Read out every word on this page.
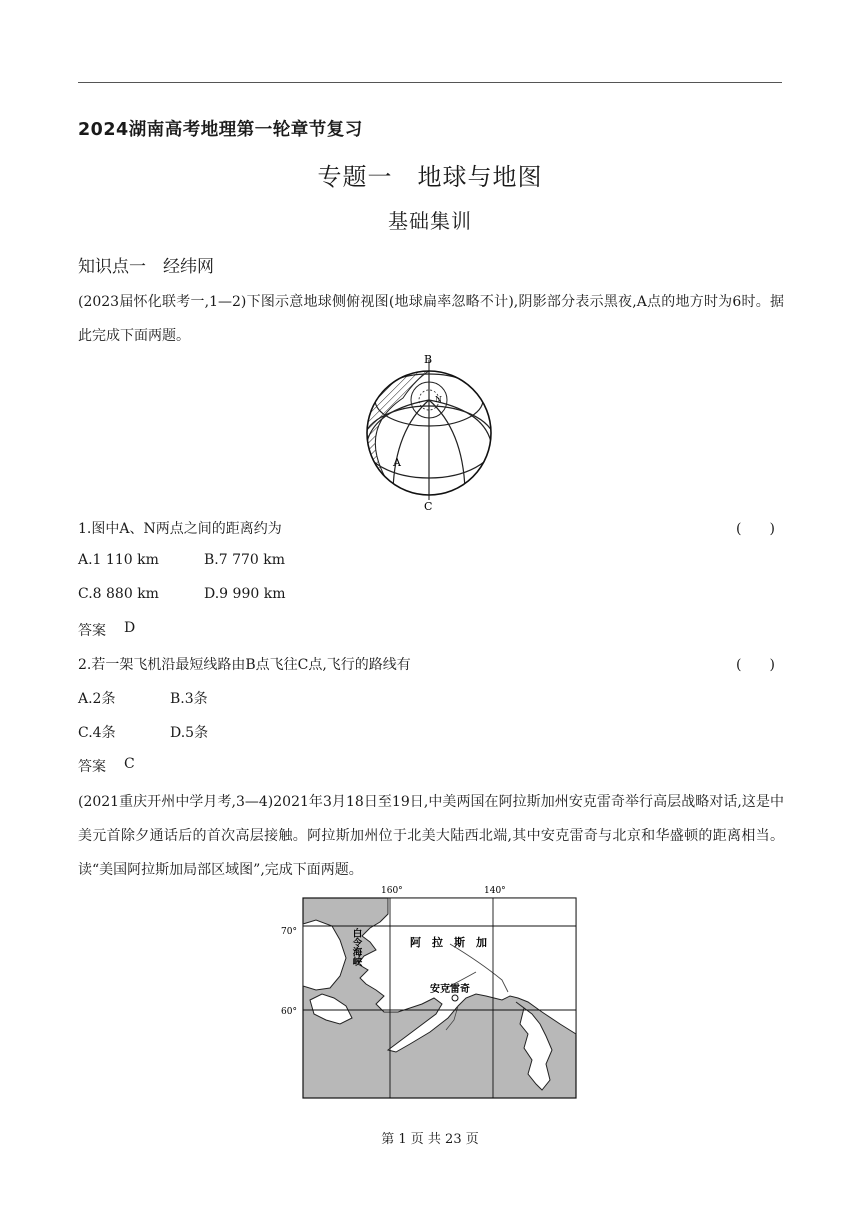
2024湖南高考地理第一轮章节复习
专题一　地球与地图
基础集训
知识点一　经纬网
(2023届怀化联考一,1—2)下图示意地球侧俯视图(地球扁率忽略不计),阴影部分表示黑夜,A点的地方时为6时。据此完成下面两题。
B
C
A
N
1.图中A、N两点之间的距离约为	(　　)
A.1 110 km	B.7 770 km
C.8 880 km	D.9 990 km
答案 D
2.若一架飞机沿最短线路由B点飞往C点,飞行的路线有	(　　)
A.2条	B.3条
C.4条	D.5条
答案 C
(2021重庆开州中学月考,3—4)2021年3月18日至19日,中美两国在阿拉斯加州安克雷奇举行高层战略对话,这是中美元首除夕通话后的首次高层接触。阿拉斯加州位于北美大陆西北端,其中安克雷奇与北京和华盛顿的距离相当。读“美国阿拉斯加局部区域图”,完成下面两题。
160°	140°
70°
60°
阿　拉　斯　加
安克雷奇
白令海峡
第 1 页 共 23 页
